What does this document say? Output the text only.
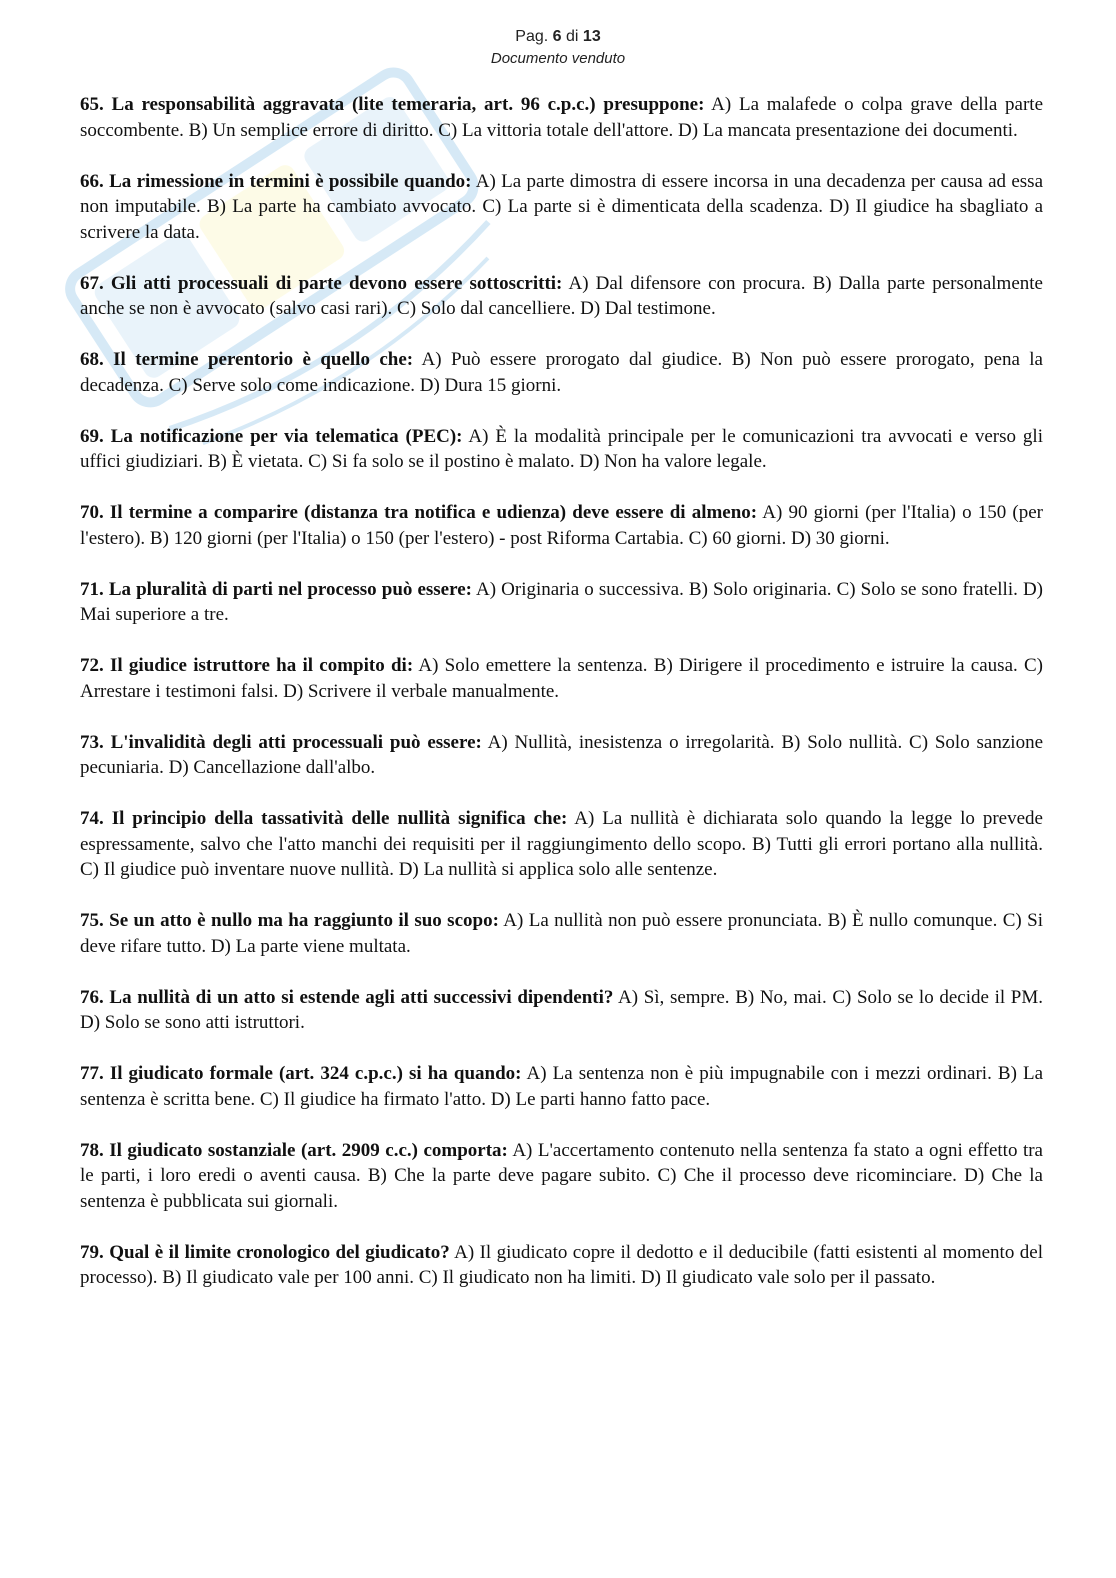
Pag. 6 di 13
Documento venduto

65. La responsabilità aggravata (lite temeraria, art. 96 c.p.c.) presuppone: A) La malafede o colpa grave della parte soccombente. B) Un semplice errore di diritto. C) La vittoria totale dell'attore. D) La mancata presentazione dei documenti.

66. La rimessione in termini è possibile quando: A) La parte dimostra di essere incorsa in una decadenza per causa ad essa non imputabile. B) La parte ha cambiato avvocato. C) La parte si è dimenticata della scadenza. D) Il giudice ha sbagliato a scrivere la data.

67. Gli atti processuali di parte devono essere sottoscritti: A) Dal difensore con procura. B) Dalla parte personalmente anche se non è avvocato (salvo casi rari). C) Solo dal cancelliere. D) Dal testimone.

68. Il termine perentorio è quello che: A) Può essere prorogato dal giudice. B) Non può essere prorogato, pena la decadenza. C) Serve solo come indicazione. D) Dura 15 giorni.

69. La notificazione per via telematica (PEC): A) È la modalità principale per le comunicazioni tra avvocati e verso gli uffici giudiziari. B) È vietata. C) Si fa solo se il postino è malato. D) Non ha valore legale.

70. Il termine a comparire (distanza tra notifica e udienza) deve essere di almeno: A) 90 giorni (per l'Italia) o 150 (per l'estero). B) 120 giorni (per l'Italia) o 150 (per l'estero) - post Riforma Cartabia. C) 60 giorni. D) 30 giorni.

71. La pluralità di parti nel processo può essere: A) Originaria o successiva. B) Solo originaria. C) Solo se sono fratelli. D) Mai superiore a tre.

72. Il giudice istruttore ha il compito di: A) Solo emettere la sentenza. B) Dirigere il procedimento e istruire la causa. C) Arrestare i testimoni falsi. D) Scrivere il verbale manualmente.

73. L'invalidità degli atti processuali può essere: A) Nullità, inesistenza o irregolarità. B) Solo nullità. C) Solo sanzione pecuniaria. D) Cancellazione dall'albo.

74. Il principio della tassatività delle nullità significa che: A) La nullità è dichiarata solo quando la legge lo prevede espressamente, salvo che l'atto manchi dei requisiti per il raggiungimento dello scopo. B) Tutti gli errori portano alla nullità. C) Il giudice può inventare nuove nullità. D) La nullità si applica solo alle sentenze.

75. Se un atto è nullo ma ha raggiunto il suo scopo: A) La nullità non può essere pronunciata. B) È nullo comunque. C) Si deve rifare tutto. D) La parte viene multata.

76. La nullità di un atto si estende agli atti successivi dipendenti? A) Sì, sempre. B) No, mai. C) Solo se lo decide il PM. D) Solo se sono atti istruttori.

77. Il giudicato formale (art. 324 c.p.c.) si ha quando: A) La sentenza non è più impugnabile con i mezzi ordinari. B) La sentenza è scritta bene. C) Il giudice ha firmato l'atto. D) Le parti hanno fatto pace.

78. Il giudicato sostanziale (art. 2909 c.c.) comporta: A) L'accertamento contenuto nella sentenza fa stato a ogni effetto tra le parti, i loro eredi o aventi causa. B) Che la parte deve pagare subito. C) Che il processo deve ricominciare. D) Che la sentenza è pubblicata sui giornali.

79. Qual è il limite cronologico del giudicato? A) Il giudicato copre il dedotto e il deducibile (fatti esistenti al momento del processo). B) Il giudicato vale per 100 anni. C) Il giudicato non ha limiti. D) Il giudicato vale solo per il passato.
